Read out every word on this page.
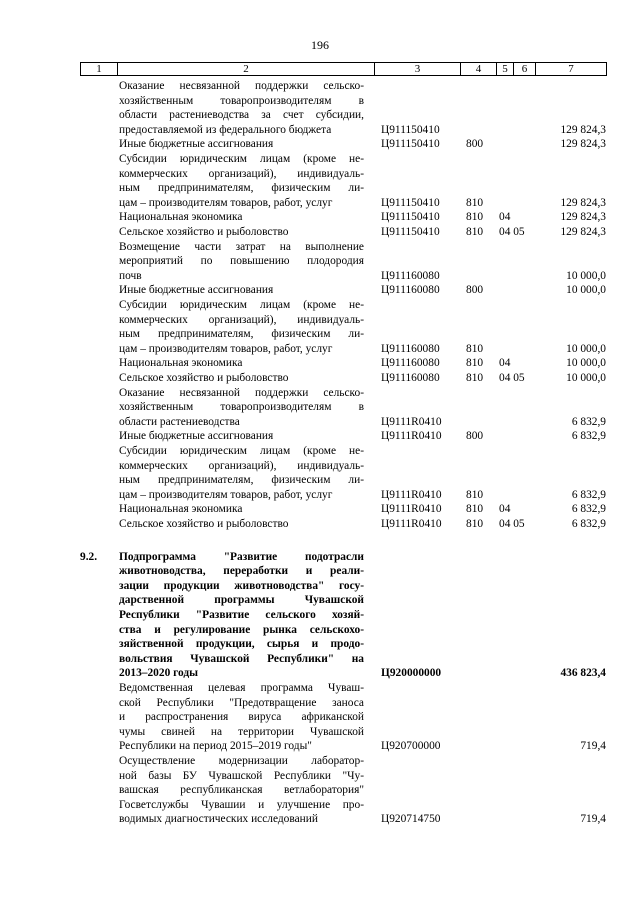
196
1	2	3	4	5	6	7
Оказание несвязанной поддержки сельско-
хозяйственным товаропроизводителям в
области растениеводства за счет субсидии,
предоставляемой из федерального бюджета	Ц911150410	129 824,3
Иные бюджетные ассигнования	Ц911150410	800	129 824,3
Субсидии юридическим лицам (кроме не-
коммерческих организаций), индивидуаль-
ным предпринимателям, физическим ли-
цам – производителям товаров, работ, услуг	Ц911150410	810	129 824,3
Национальная экономика	Ц911150410	810	04	129 824,3
Сельское хозяйство и рыболовство	Ц911150410	810	04 05	129 824,3
Возмещение части затрат на выполнение
мероприятий по повышению плодородия
почв	Ц911160080	10 000,0
Иные бюджетные ассигнования	Ц911160080	800	10 000,0
Субсидии юридическим лицам (кроме не-
коммерческих организаций), индивидуаль-
ным предпринимателям, физическим ли-
цам – производителям товаров, работ, услуг	Ц911160080	810	10 000,0
Национальная экономика	Ц911160080	810	04	10 000,0
Сельское хозяйство и рыболовство	Ц911160080	810	04 05	10 000,0
Оказание несвязанной поддержки сельско-
хозяйственным товаропроизводителям в
области растениеводства	Ц9111R0410	6 832,9
Иные бюджетные ассигнования	Ц9111R0410	800	6 832,9
Субсидии юридическим лицам (кроме не-
коммерческих организаций), индивидуаль-
ным предпринимателям, физическим ли-
цам – производителям товаров, работ, услуг	Ц9111R0410	810	6 832,9
Национальная экономика	Ц9111R0410	810	04	6 832,9
Сельское хозяйство и рыболовство	Ц9111R0410	810	04 05	6 832,9
9.2.	Подпрограмма "Развитие подотрасли
животноводства, переработки и реали-
зации продукции животноводства" госу-
дарственной программы Чувашской
Республики "Развитие сельского хозяй-
ства и регулирование рынка сельскохо-
зяйственной продукции, сырья и продо-
вольствия Чувашской Республики" на
2013–2020 годы	Ц920000000	436 823,4
Ведомственная целевая программа Чуваш-
ской Республики "Предотвращение заноса
и распространения вируса африканской
чумы свиней на территории Чувашской
Республики на период 2015–2019 годы"	Ц920700000	719,4
Осуществление модернизации лаборатор-
ной базы БУ Чувашской Республики "Чу-
вашская республиканская ветлаборатория"
Госветслужбы Чувашии и улучшение про-
водимых диагностических исследований	Ц920714750	719,4
